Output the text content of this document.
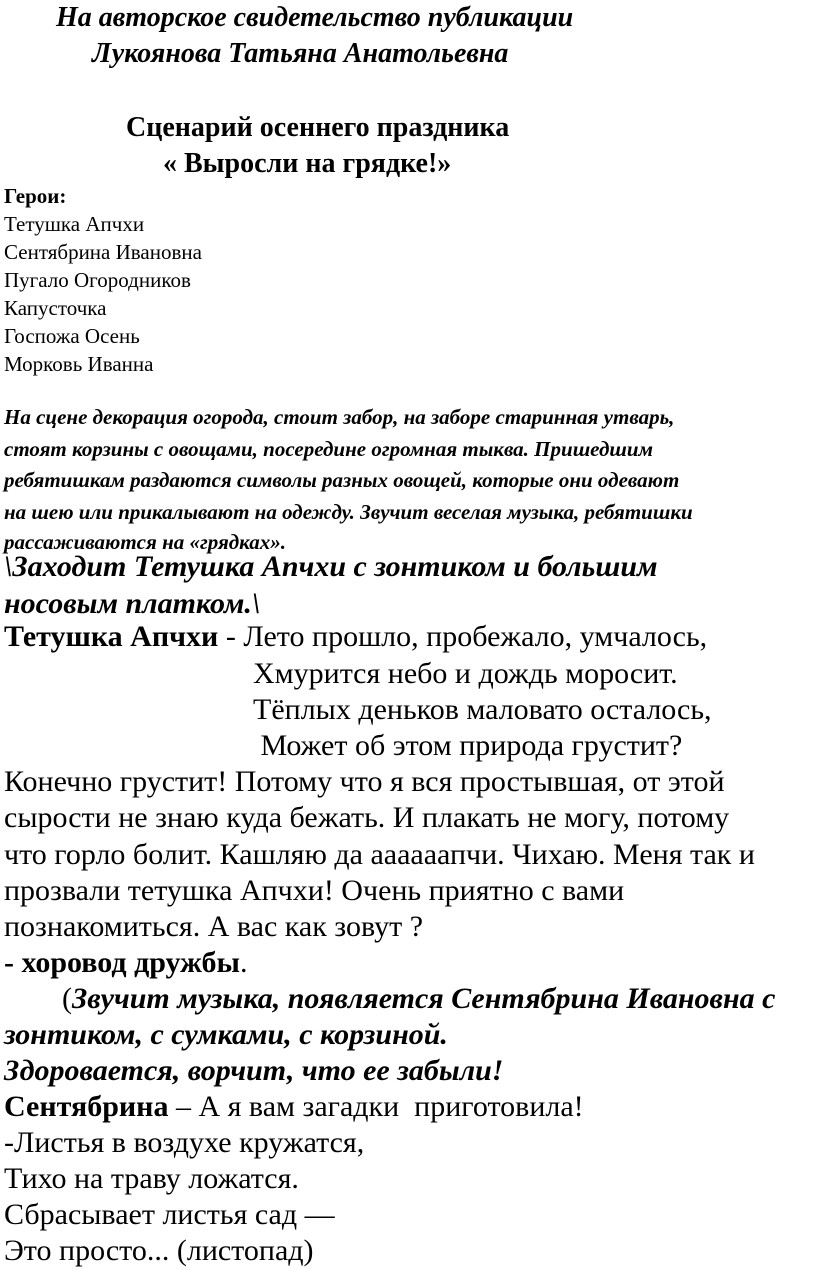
На авторское свидетельство публикации
Лукоянова Татьяна Анатольевна
Сценарий осеннего праздника
« Выросли на грядке!»
Герои:
Тетушка Апчхи
Сентябрина Ивановна
Пугало Огородников
Капусточка
Госпожа Осень
Морковь Иванна
На сцене декорация огорода, стоит забор, на заборе старинная утварь,
стоят корзины с овощами, посередине огромная тыква. Пришедшим
ребятишкам раздаются символы разных овощей, которые они одевают
на шею или прикалывают на одежду. Звучит веселая музыка, ребятишки
рассаживаются на «грядках».
\Заходит Тетушка Апчхи с зонтиком и большим
носовым платком.\
Тетушка Апчхи - Лето прошло, пробежало, умчалось,
Хмурится небо и дождь моросит.
Тёплых деньков маловато осталось,
Может об этом природа грустит?
Конечно грустит! Потому что я вся простывшая, от этой
сырости не знаю куда бежать. И плакать не могу, потому
что горло болит. Кашляю да аааааапчи. Чихаю. Меня так и
прозвали тетушка Апчхи! Очень приятно с вами
познакомиться. А вас как зовут ?
- хоровод дружбы.
(Звучит музыка, появляется Сентябрина Ивановна с
зонтиком, с сумками, с корзиной.
Здоровается, ворчит, что ее забыли!
Сентябрина – А я вам загадки  приготовила!
-Листья в воздухе кружатся,
Тихо на траву ложатся.
Сбрасывает листья сад —
Это просто... (листопад)
